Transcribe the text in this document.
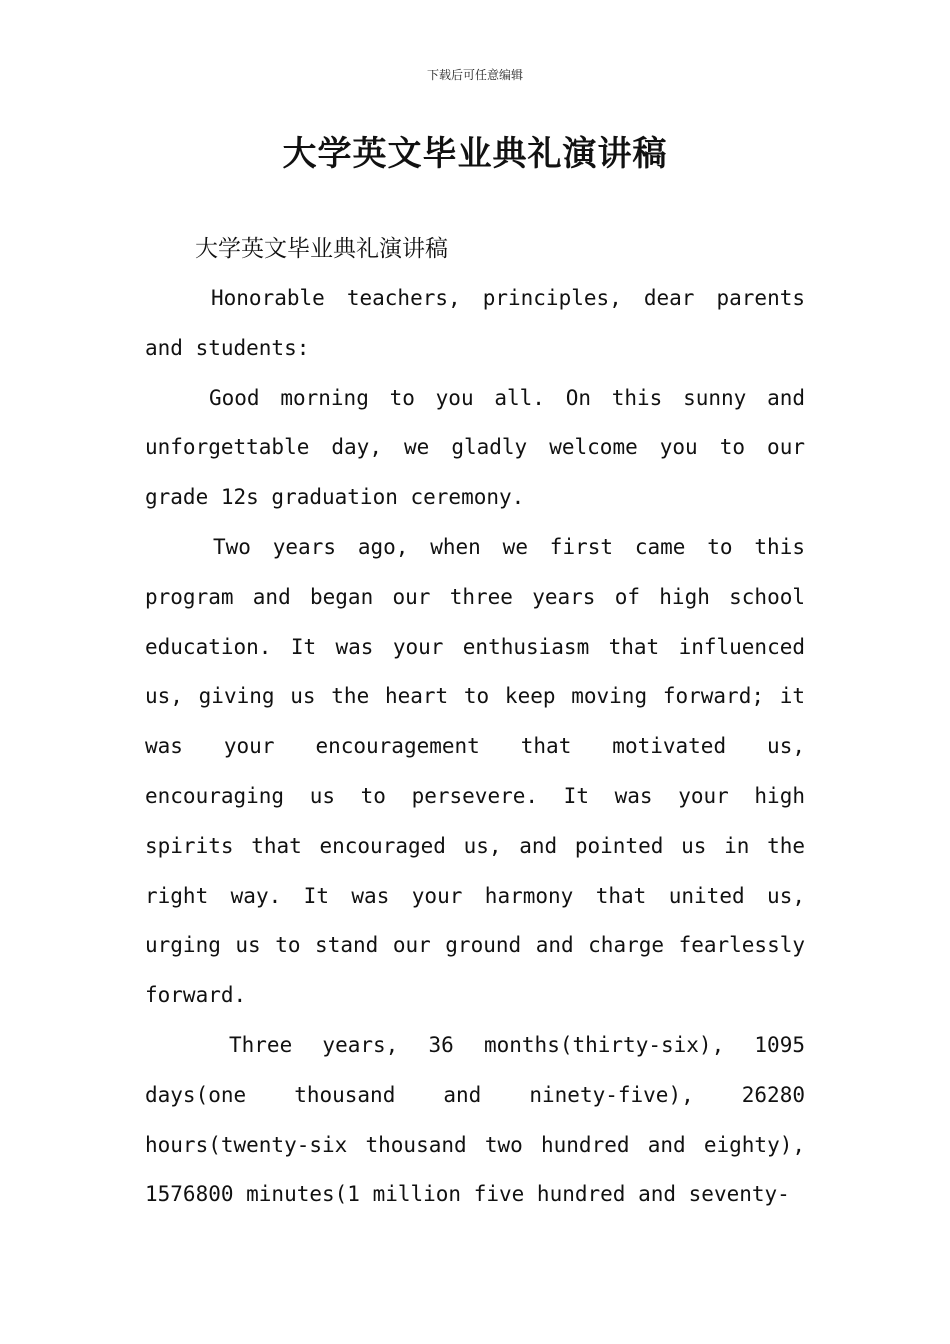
下载后可任意编辑
大学英文毕业典礼演讲稿
大学英文毕业典礼演讲稿

Honorable teachers, principles, dear parents and students:

Good morning to you all. On this sunny and unforgettable day, we gladly welcome you to our grade 12s graduation ceremony.

Two years ago, when we first came to this program and began our three years of high school education. It was your enthusiasm that influenced us, giving us the heart to keep moving forward; it was your encouragement that motivated us, encouraging us to persevere. It was your high spirits that encouraged us, and pointed us in the right way. It was your harmony that united us, urging us to stand our ground and charge fearlessly forward.

Three years, 36 months(thirty-six), 1095 days(one thousand and ninety-five), 26280 hours(twenty-six thousand two hundred and eighty), 1576800 minutes(1 million five hundred and seventy-
